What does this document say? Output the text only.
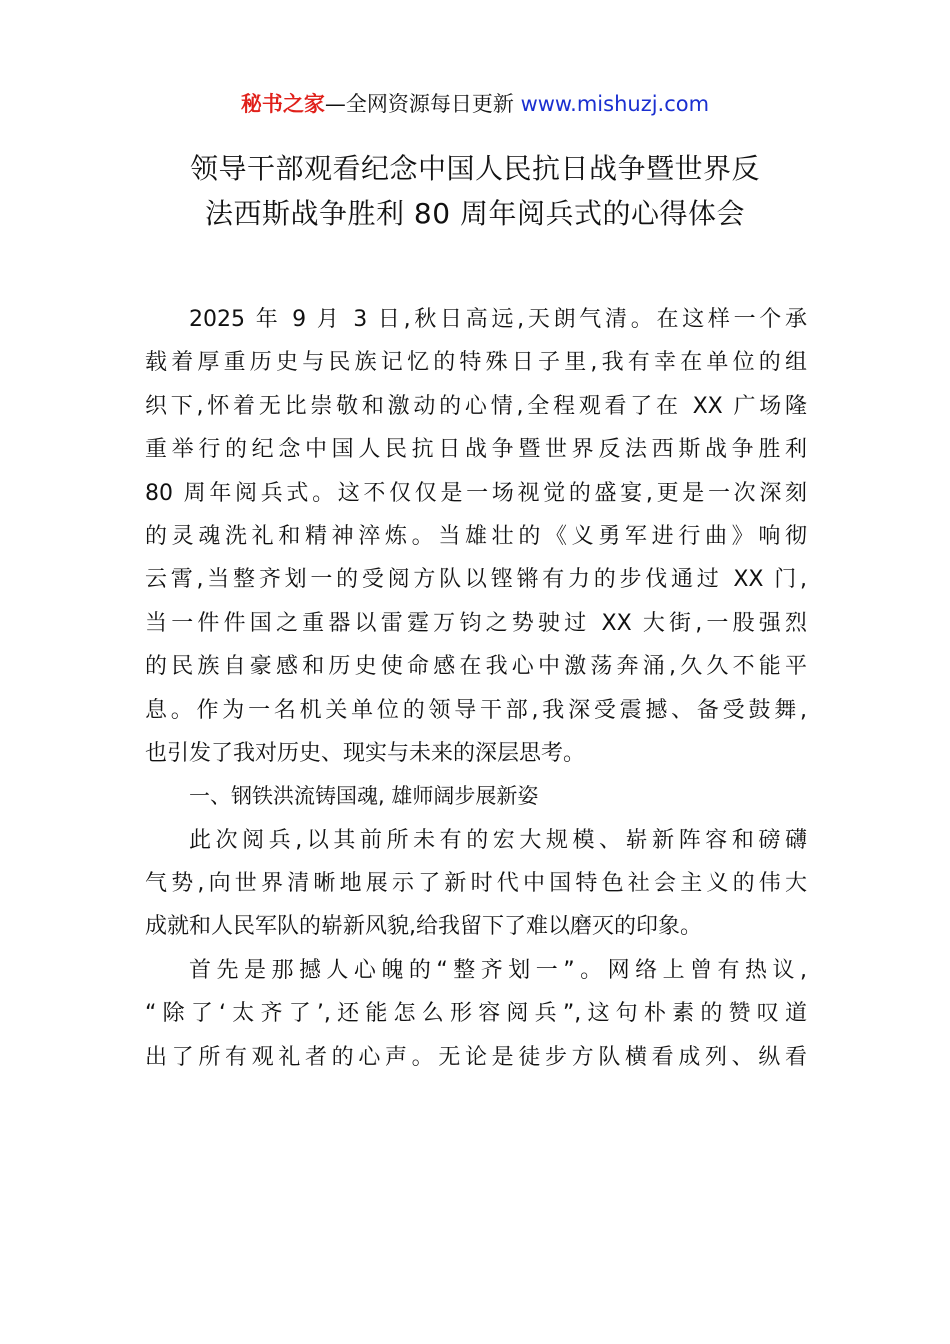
秘书之家—全网资源每日更新 www.mishuzj.com
领导干部观看纪念中国人民抗日战争暨世界反
法西斯战争胜利 80 周年阅兵式的心得体会
2025 年 9 月 3 日,秋日高远,天朗气清。在这样一个承
载着厚重历史与民族记忆的特殊日子里,我有幸在单位的组
织下,怀着无比崇敬和激动的心情,全程观看了在 XX 广场隆
重举行的纪念中国人民抗日战争暨世界反法西斯战争胜利
80 周年阅兵式。这不仅仅是一场视觉的盛宴,更是一次深刻
的灵魂洗礼和精神淬炼。当雄壮的《义勇军进行曲》响彻
云霄,当整齐划一的受阅方队以铿锵有力的步伐通过 XX 门,
当一件件国之重器以雷霆万钧之势驶过 XX 大街,一股强烈
的民族自豪感和历史使命感在我心中激荡奔涌,久久不能平
息。作为一名机关单位的领导干部,我深受震撼、备受鼓舞,
也引发了我对历史、现实与未来的深层思考。
一、钢铁洪流铸国魂, 雄师阔步展新姿
此次阅兵,以其前所未有的宏大规模、崭新阵容和磅礴
气势,向世界清晰地展示了新时代中国特色社会主义的伟大
成就和人民军队的崭新风貌,给我留下了难以磨灭的印象。
首先是那撼人心魄的“整齐划一”。网络上曾有热议,
“除了‘太齐了’,还能怎么形容阅兵”,这句朴素的赞叹道
出了所有观礼者的心声。无论是徒步方队横看成列、纵看
